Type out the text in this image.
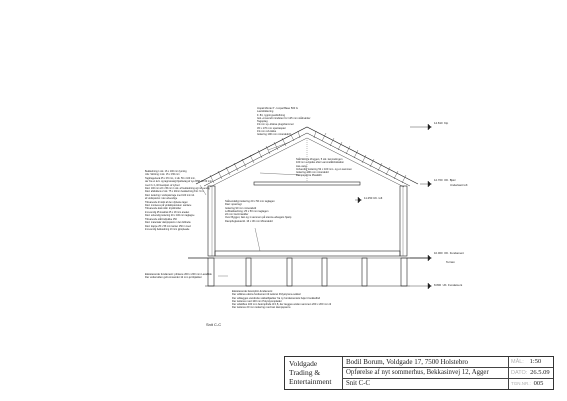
Icopal Monte P - Icopal Base 500 G
Lavtobklæring
F. 84, rygningsudluftning
Isol.-omvendt mindsten for 125 mm stålmønler
Tagoplag
19 mm sp.-klokse plugshammer
45 x 170 mm sparraspær
19 mm reb.lokke
Isolering 190 mm mineraluld
Stål-Skinne Zinggen, 5 stk. lammelingen
100 mm c-bjelke efter Lammelåbrisikation
Ass-vang
Indvendig isolering 52 x 100 mm. og en sammen
Isolering 190 mm mineraluld
Dampspærre Plastikfit
Beklædning 1 stk. 16 x 100 mm lysning
Udv. Skilning 1 stk. 15 x 150 mm
Tagdragelse/ø 45 x 45 mm, 1 stk. 56 x 100 mm,
der fra en kvit- og tagmæssigt bjælkelag af nye BSR-bfr 60 mm
med 3 x 1,40 lisestpæl. af nyhed
Dæt: 100 mm 22 x 95 mm 1 stk. af beklædning og ind-vendig
Dæt: afsliddens 2 stk. 75 x 20mm beklædning 8 kr. 9 m
Dæt: isolering i vindspærrage med 100 mm tid.
af vindspærret i det udvendige
Tilsvarende til sidst af den dybeste laget
Dæt: monteres på vindafspændes i samlere
Tilsvarende dæk stål i krydsholder
Ind-vendig 25 kvadrat 25 x 18 mm arealet
Dæt: udvendig isolering 20 x 100 mm taglagne
Tilsvarende stål-fodpukke 150
Dæt: materialer dampspærre i det dobbelte
Dæt: trappe 25 x 55 mm kanter 150 m med
Ind-vendig beklædning 13 mm gipspleade
Stål-endeligt isolering 20 x 50 mm taglagen
Dæt: spærregt
Isolering 90 mm mineraluld
Loftbeklædning: 25 x 50 mm taglagen
22 mm Gul-brædder
Over Bygget, fast og 1 sammen på stenne-afsugets hjælp
Dampfugtatværdi. 16 x 30 mm Mineraluld
Eksisterende fundament: plintene 200 x 200 mm Lecablok
Der undersiden gult omsamlet 12 mm jernbjælker
Eksisterende betonplint-fundament:
Der udføres ekstra fundament til isoleret Polystyrene-sokkel
Der udlægges vandrette sokkelbjælker fra ny fundamentets høje til sokkelfod
Der isoleres med 100 mm Polystyrenplader
Der udskiftes 100 mm betonplinde til 0,8, der lægges anden sammen 200 x 200 mm til
Der isoleres 20 mm isolering med tæt dampspærre
14.810 Kip
12.700 OK. Bjæl
Underkant loft
10.000 OK. Fundament
Terræn
8.800 UK. Fundament
11.250 UK. loft
Snit C-C
Voldgade
Trading &
Entertainment
Bodil Borum, Voldgade 17, 7500 Holstebro
Opførelse af nyt sommerhus, Bekkasinvej 12, Agger
Snit C-C
MÅL: 1:50
DATO: 26.5.09
TGN.NR.: 005
